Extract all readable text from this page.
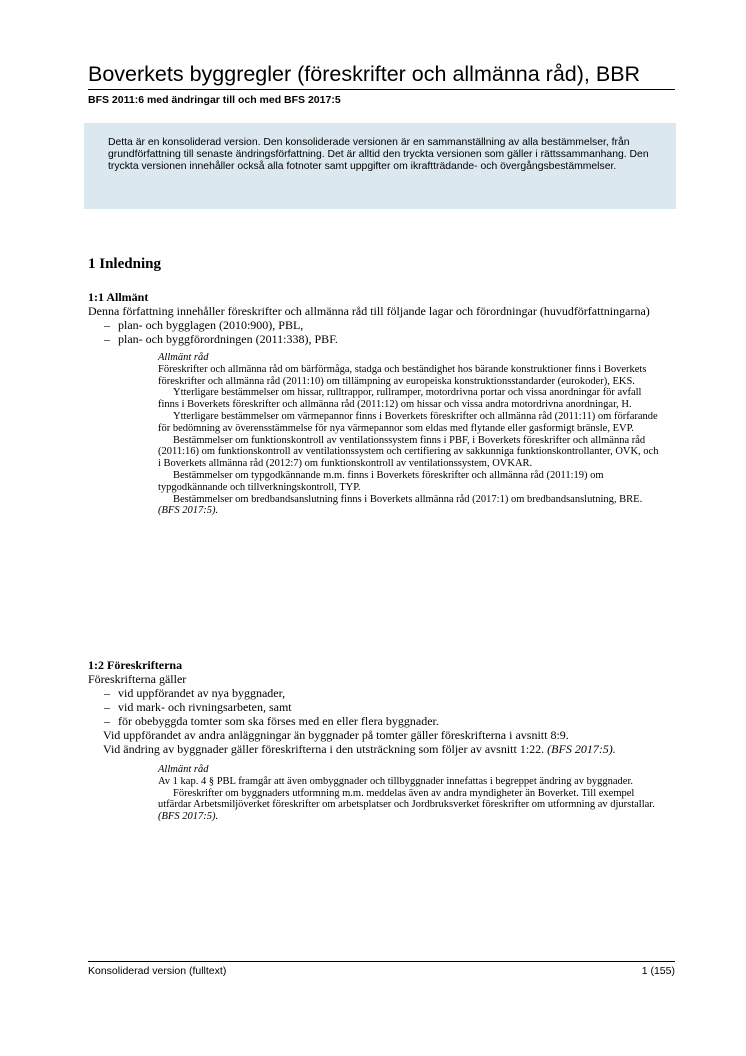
Boverkets byggregler (föreskrifter och allmänna råd), BBR
BFS 2011:6 med ändringar till och med BFS 2017:5
Detta är en konsoliderad version. Den konsoliderade versionen är en sammanställning av alla bestämmelser, från grundförfattning till senaste ändringsförfattning. Det är alltid den tryckta versionen som gäller i rättssammanhang. Den tryckta versionen innehåller också alla fotnoter samt uppgifter om ikraftträdande- och övergångsbestämmelser.
1 Inledning

1:1 Allmänt

Denna författning innehåller föreskrifter och allmänna råd till följande lagar och förordningar (huvudförfattningarna)

– plan- och bygglagen (2010:900), PBL,
– plan- och byggförordningen (2011:338), PBF.

Allmänt råd

Föreskrifter och allmänna råd om bärförmåga, stadga och beständighet hos bärande konstruktioner finns i Boverkets föreskrifter och allmänna råd (2011:10) om tillämpning av europeiska konstruktionsstandarder (eurokoder), EKS.

Ytterligare bestämmelser om hissar, rulltrappor, rullramper, motordrivna portar och vissa anordningar för avfall finns i Boverkets föreskrifter och allmänna råd (2011:12) om hissar och vissa andra motordrivna anordningar, H.

Ytterligare bestämmelser om värmepannor finns i Boverkets föreskrifter och allmänna råd (2011:11) om förfarande för bedömning av överensstämmelse för nya värmepannor som eldas med flytande eller gasformigt bränsle, EVP.

Bestämmelser om funktionskontroll av ventilationssystem finns i PBF, i Boverkets föreskrifter och allmänna råd (2011:16) om funktionskontroll av ventilationssystem och certifiering av sakkunniga funktionskontrollanter, OVK, och i Boverkets allmänna råd (2012:7) om funktionskontroll av ventilationssystem, OVKAR.

Bestämmelser om typgodkännande m.m. finns i Boverkets föreskrifter och allmänna råd (2011:19) om typgodkännande och tillverkningskontroll, TYP.

Bestämmelser om bredbandsanslutning finns i Boverkets allmänna råd (2017:1) om bredbandsanslutning, BRE. (BFS 2017:5).

1:2 Föreskrifterna

Föreskrifterna gäller

– vid uppförandet av nya byggnader,
– vid mark- och rivningsarbeten, samt
– för obebyggda tomter som ska förses med en eller flera byggnader.

Vid uppförandet av andra anläggningar än byggnader på tomter gäller föreskrifterna i avsnitt 8:9.

Vid ändring av byggnader gäller föreskrifterna i den utsträckning som följer av avsnitt 1:22. (BFS 2017:5).

Allmänt råd

Av 1 kap. 4 § PBL framgår att även ombyggnader och tillbyggnader innefattas i begreppet ändring av byggnader.

Föreskrifter om byggnaders utformning m.m. meddelas även av andra myndigheter än Boverket. Till exempel utfärdar Arbetsmiljöverket föreskrifter om arbetsplatser och Jordbruksverket föreskrifter om utformning av djurstallar. (BFS 2017:5).

Konsoliderad version (fulltext)	1 (155)
